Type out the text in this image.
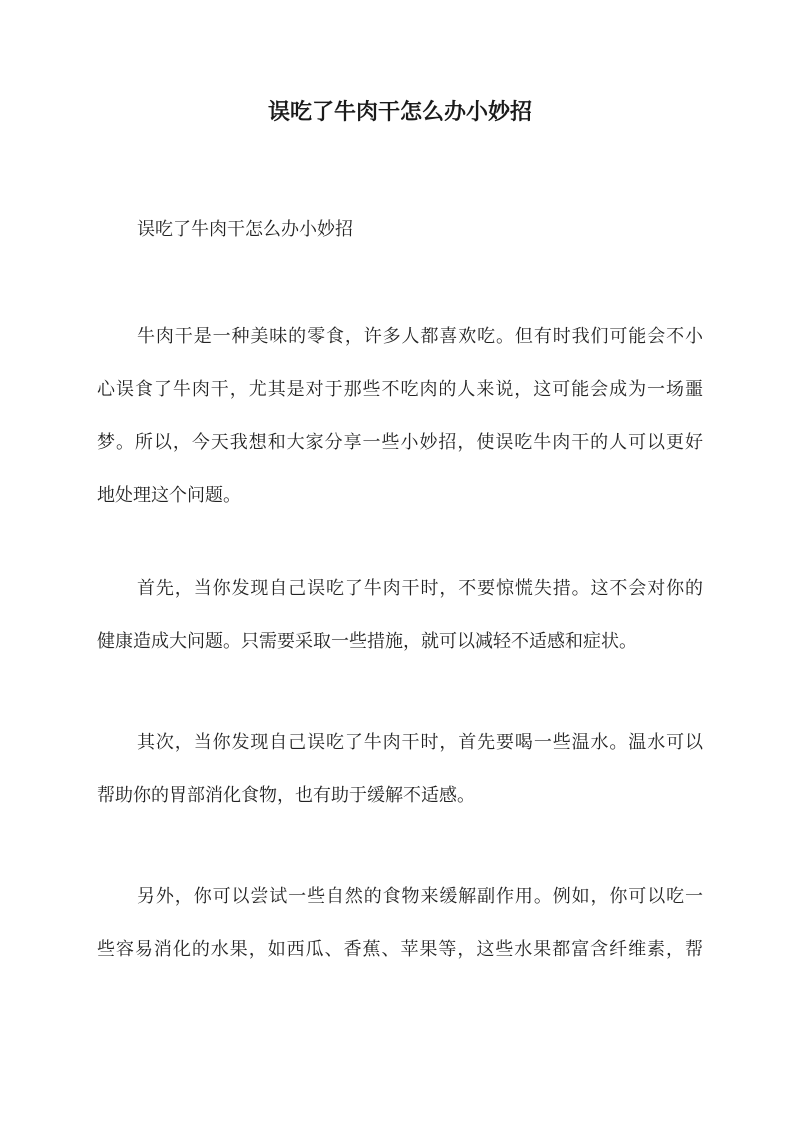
误吃了牛肉干怎么办小妙招

误吃了牛肉干怎么办小妙招

牛肉干是一种美味的零食，许多人都喜欢吃。但有时我们可能会不小
心误食了牛肉干，尤其是对于那些不吃肉的人来说，这可能会成为一场噩
梦。所以，今天我想和大家分享一些小妙招，使误吃牛肉干的人可以更好
地处理这个问题。
首先，当你发现自己误吃了牛肉干时，不要惊慌失措。这不会对你的
健康造成大问题。只需要采取一些措施，就可以减轻不适感和症状。
其次，当你发现自己误吃了牛肉干时，首先要喝一些温水。温水可以
帮助你的胃部消化食物，也有助于缓解不适感。
另外，你可以尝试一些自然的食物来缓解副作用。例如，你可以吃一
些容易消化的水果，如西瓜、香蕉、苹果等，这些水果都富含纤维素，帮
